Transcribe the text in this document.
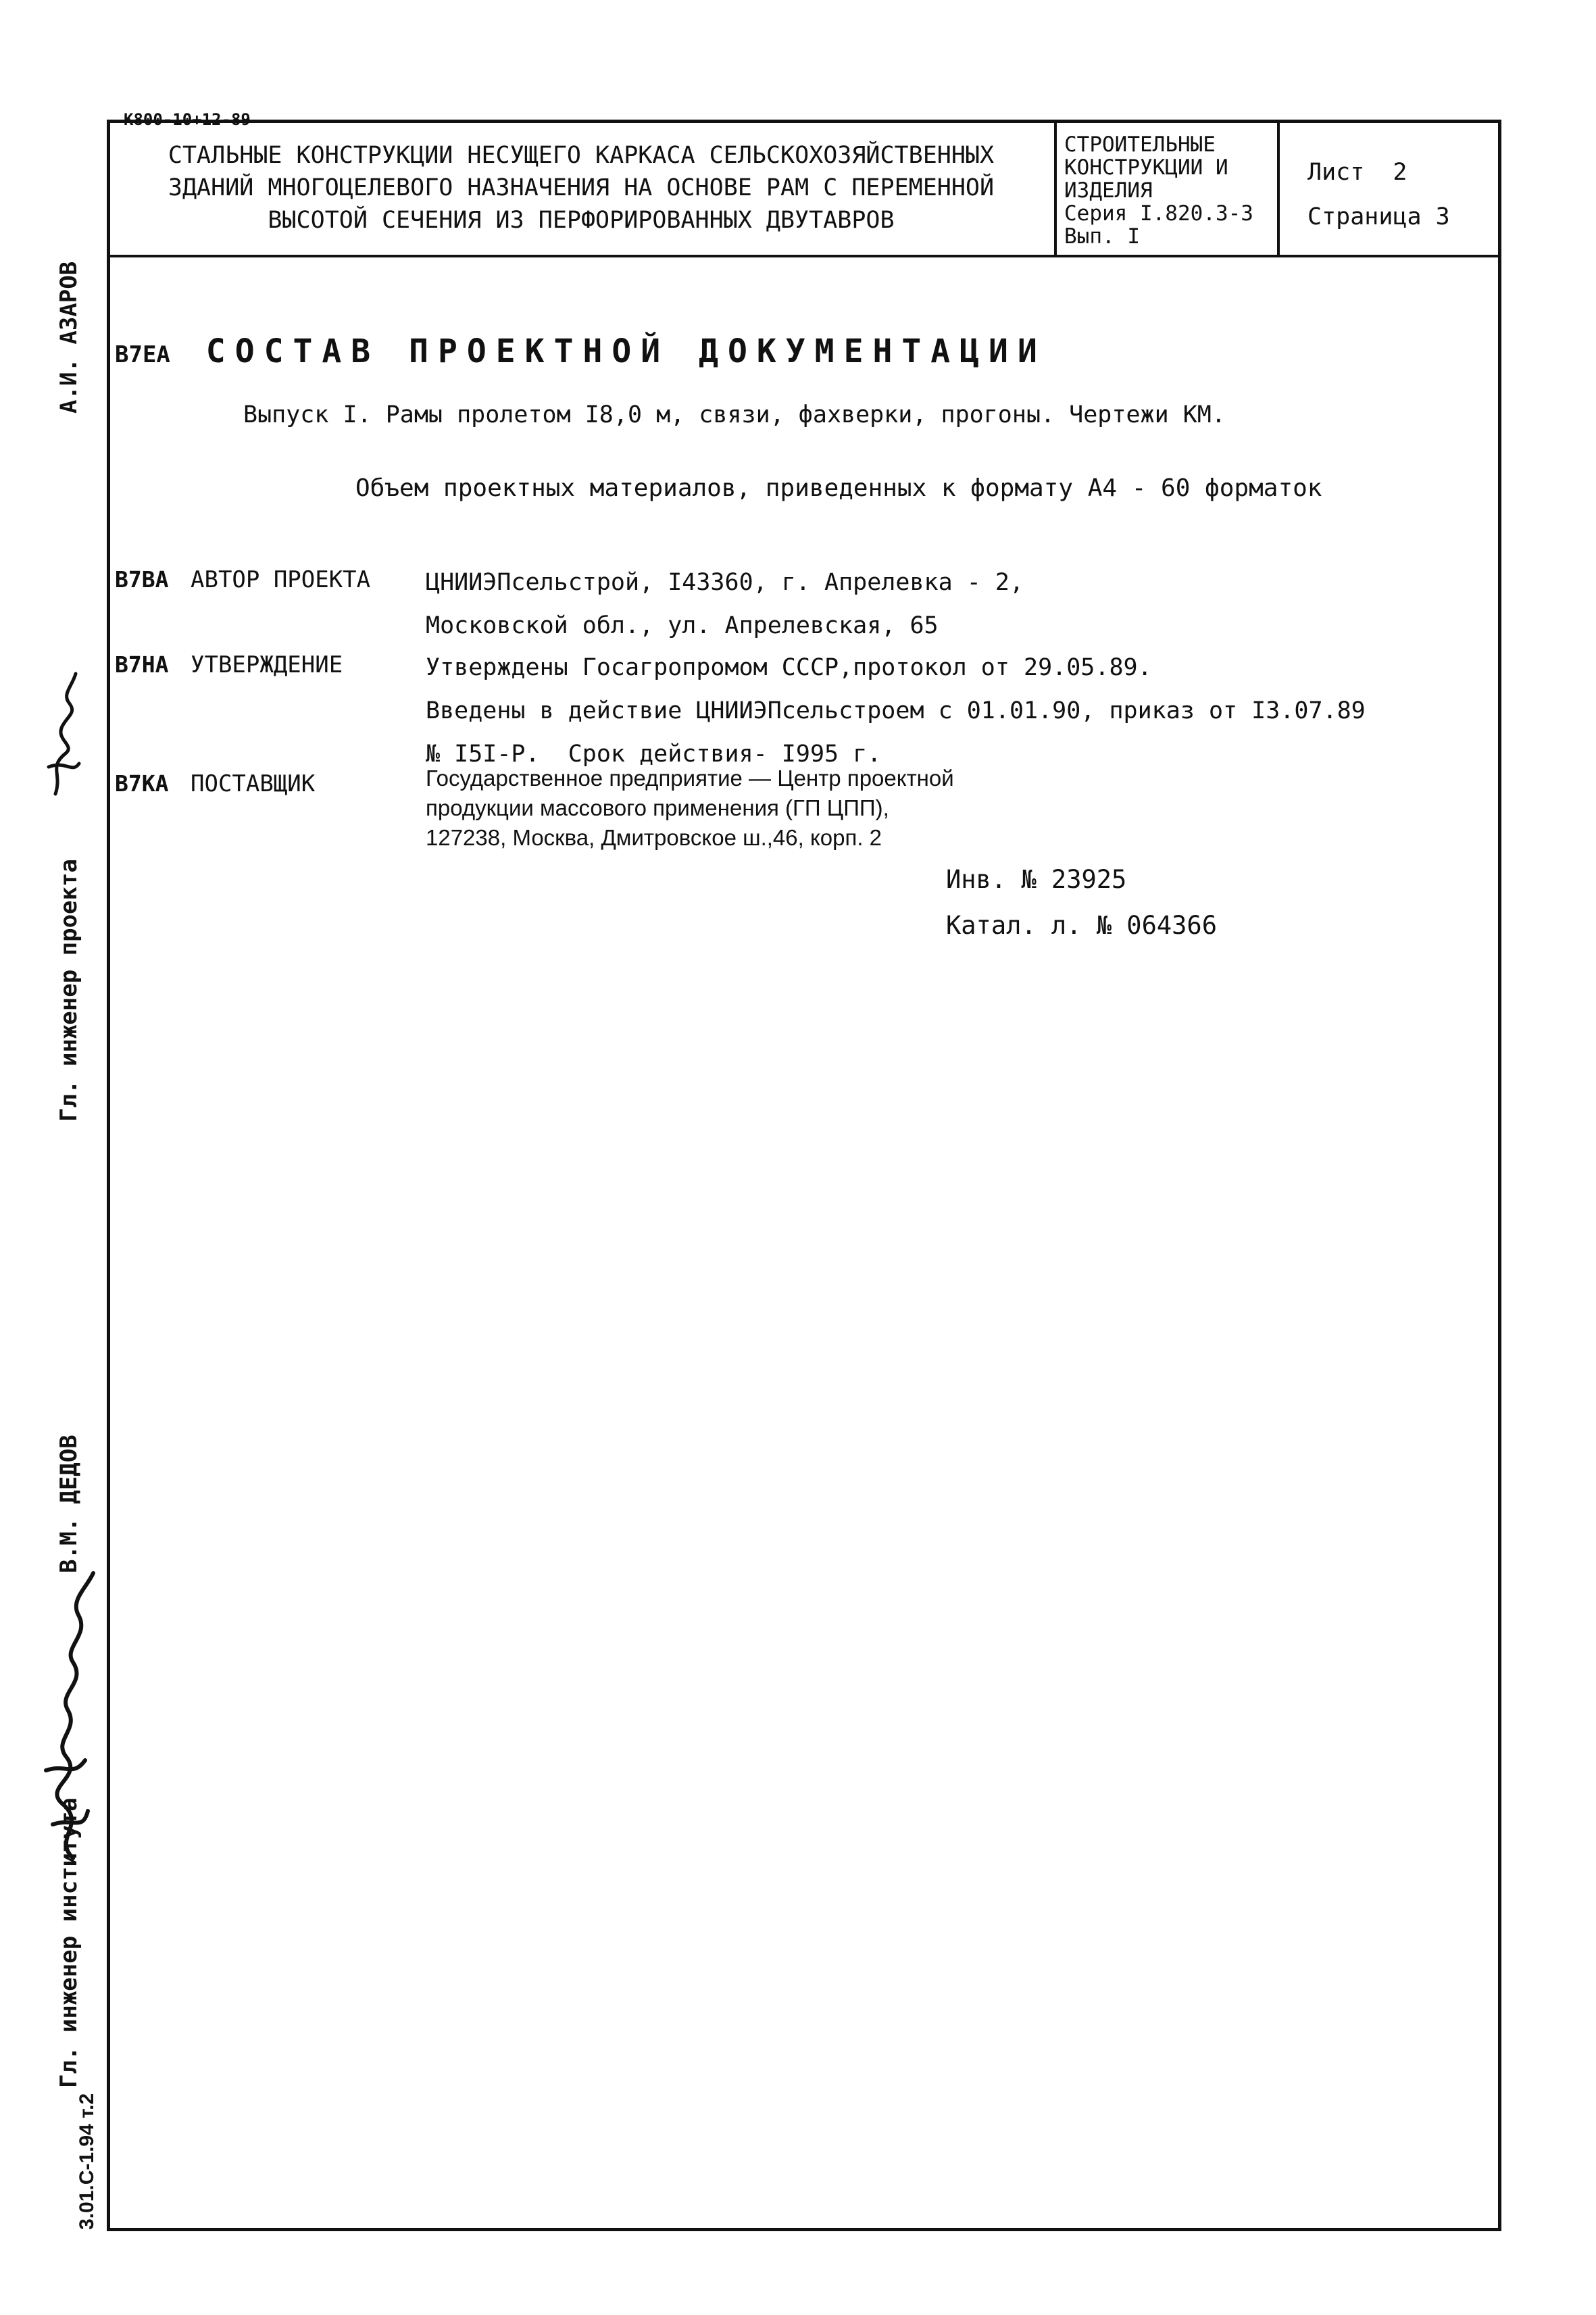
К800-10+12-89
СТАЛЬНЫЕ КОНСТРУКЦИИ НЕСУЩЕГО КАРКАСА СЕЛЬСКОХОЗЯЙСТВЕННЫХ
ЗДАНИЙ МНОГОЦЕЛЕВОГО НАЗНАЧЕНИЯ НА ОСНОВЕ РАМ С ПЕРЕМЕННОЙ
ВЫСОТОЙ СЕЧЕНИЯ ИЗ ПЕРФОРИРОВАННЫХ ДВУТАВРОВ
СТРОИТЕЛЬНЫЕ
КОНСТРУКЦИИ И
ИЗДЕЛИЯ
Серия I.820.3-3
Вып. I
Лист  2
Страница 3
В7ЕА СОСТАВ ПРОЕКТНОЙ ДОКУМЕНТАЦИИ
Выпуск I. Рамы пролетом I8,0 м, связи, фахверки, прогоны. Чертежи КМ.
Объем проектных материалов, приведенных к формату А4 - 60 форматок
В7ВА АВТОР ПРОЕКТА ЦНИИЭПсельстрой, I43360, г. Апрелевка - 2,
Московской обл., ул. Апрелевская, 65
В7НА УТВЕРЖДЕНИЕ	Утверждены Госагропромом СССР,протокол от 29.05.89.
Введены в действие ЦНИИЭПсельстроем с 01.01.90, приказ от I3.07.89
№ I5I-Р.  Срок действия- I995 г.
В7КА ПОСТАВЩИК	Государственное предприятие — Центр проектной
продукции массового применения (ГП ЦПП),
127238, Москва, Дмитровское ш.,46, корп. 2
Инв. № 23925
Катал. л. № 064366
А.И. АЗАРОВ
Гл. инженер проекта
В.М. ДЕДОВ
Гл. инженер института
3.01.С-1.94 т.2
